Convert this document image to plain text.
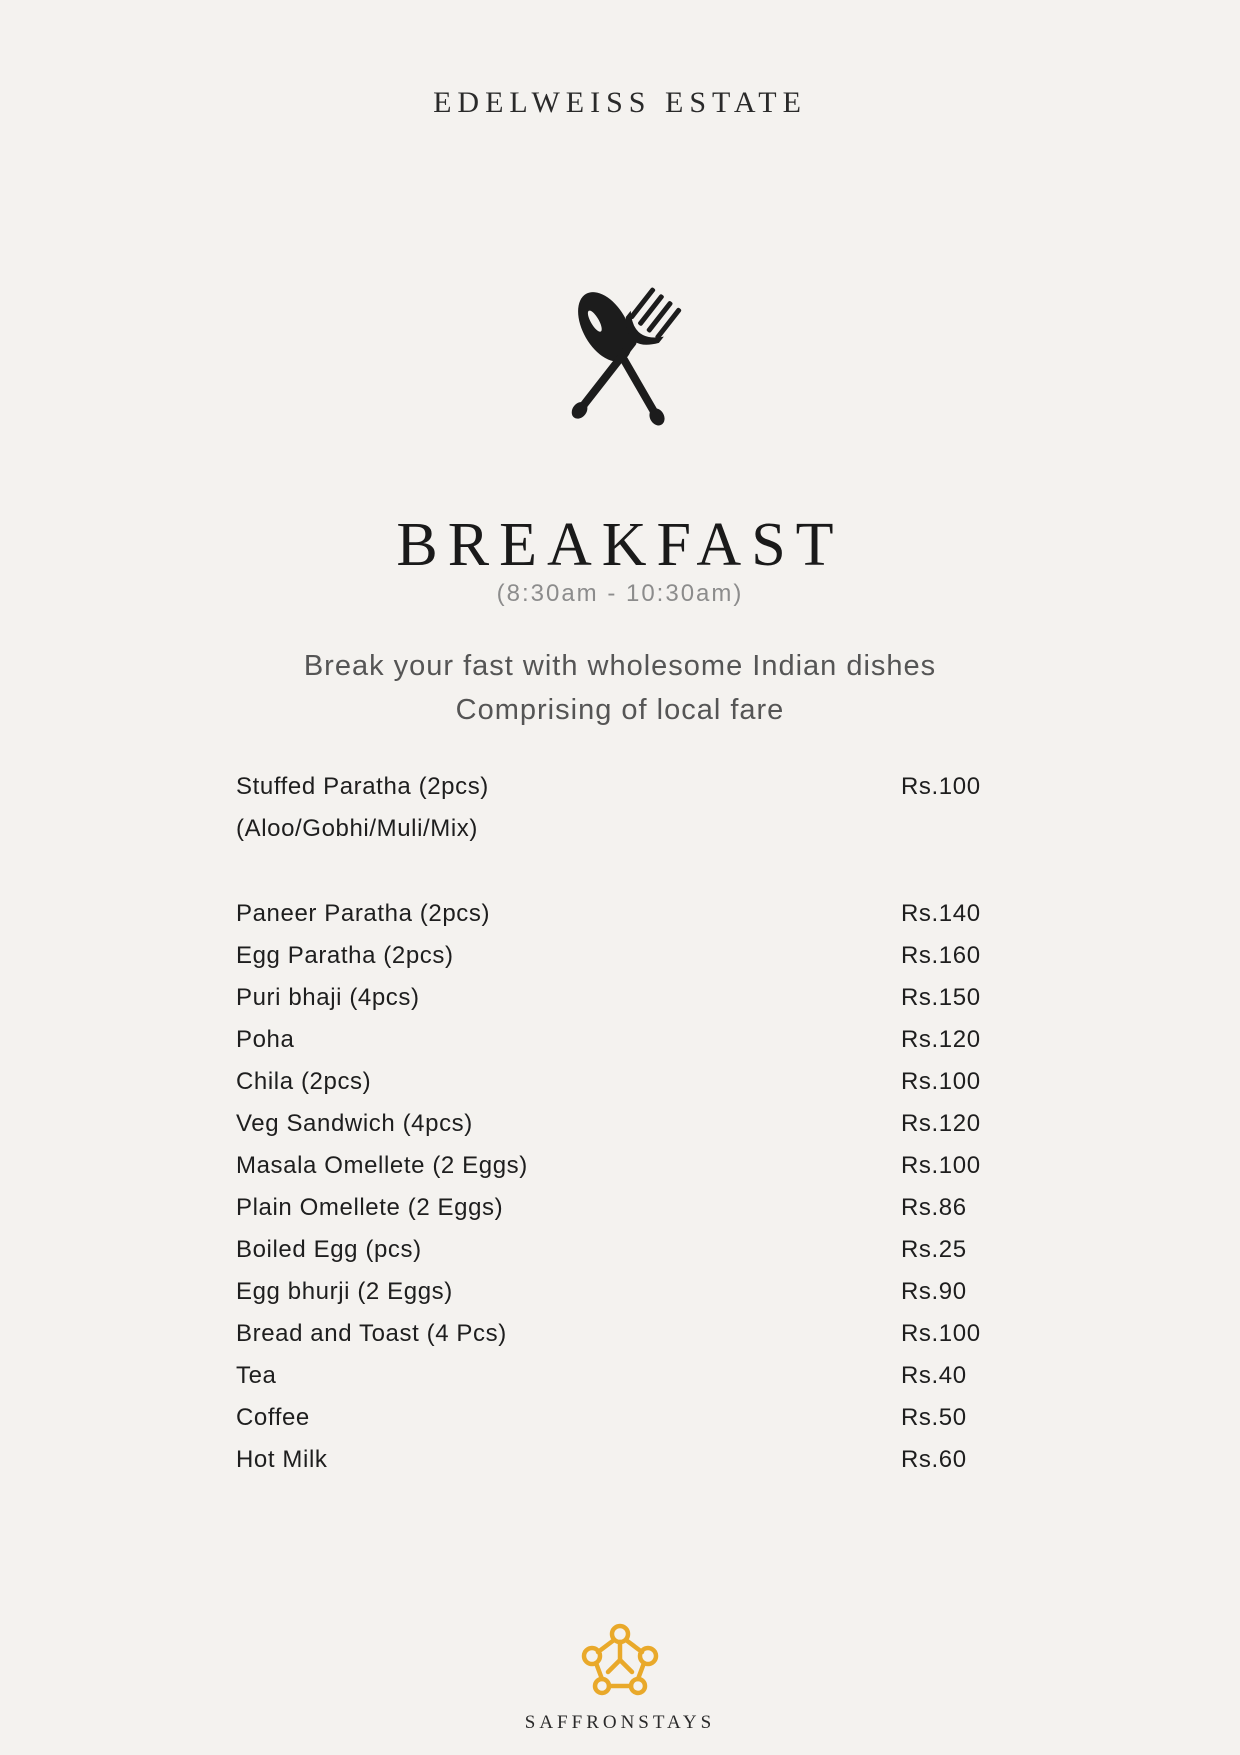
EDELWEISS ESTATE
BREAKFAST
(8:30am - 10:30am)
Break your fast with wholesome Indian dishes
Comprising of local fare
Stuffed Paratha (2pcs)	Rs.100
(Aloo/Gobhi/Muli/Mix)
Paneer Paratha (2pcs)	Rs.140
Egg Paratha (2pcs)	Rs.160
Puri bhaji (4pcs)	Rs.150
Poha	Rs.120
Chila (2pcs)	Rs.100
Veg Sandwich (4pcs)	Rs.120
Masala Omellete (2 Eggs)	Rs.100
Plain Omellete (2 Eggs)	Rs.86
Boiled Egg (pcs)	Rs.25
Egg bhurji (2 Eggs)	Rs.90
Bread and Toast (4 Pcs)	Rs.100
Tea	Rs.40
Coffee	Rs.50
Hot Milk	Rs.60
SAFFRONSTAYS
